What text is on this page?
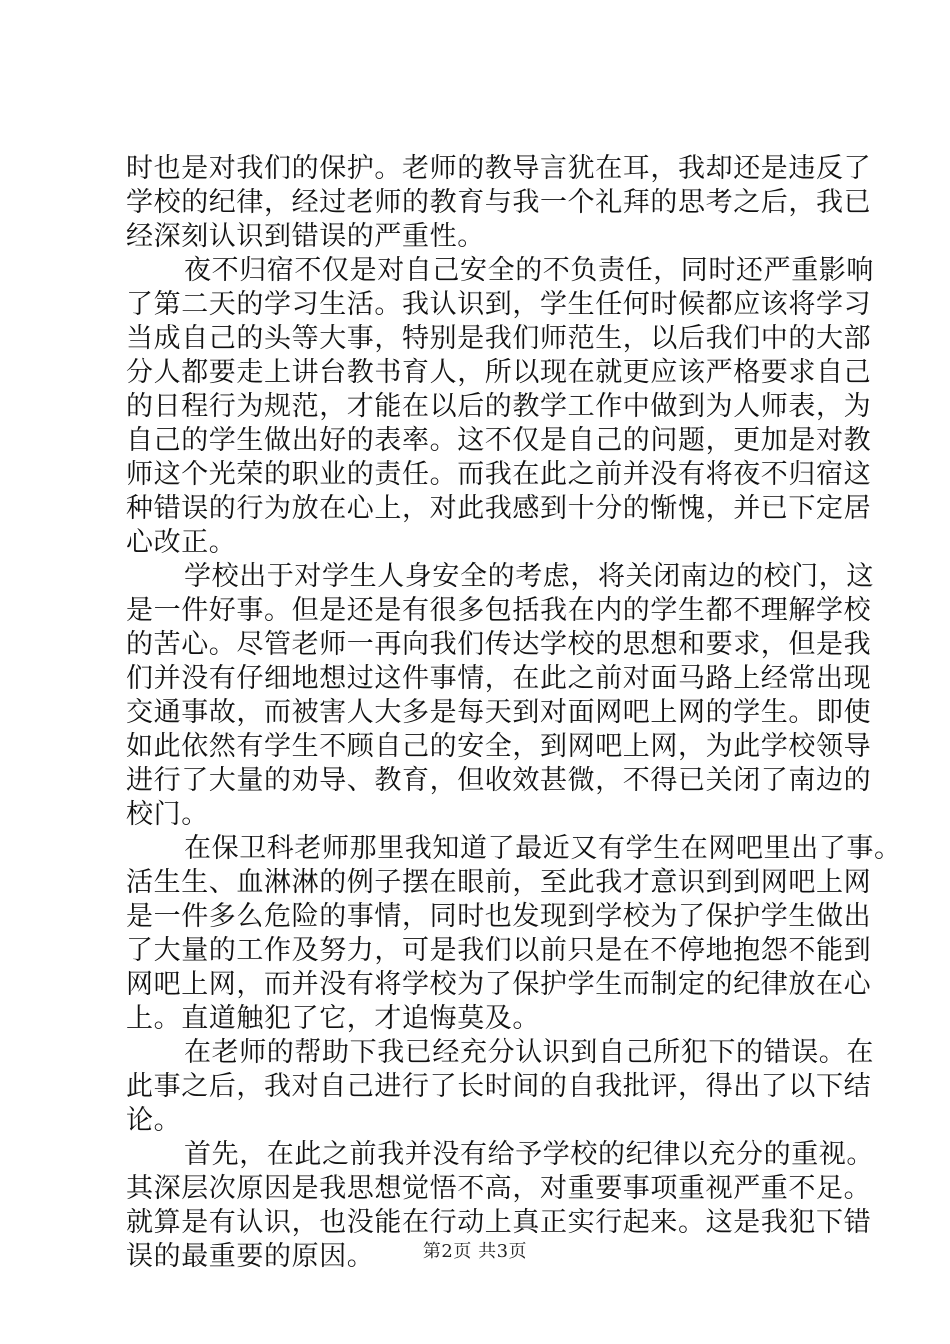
时也是对我们的保护。老师的教导言犹在耳，我却还是违反了
学校的纪律，经过老师的教育与我一个礼拜的思考之后，我已
经深刻认识到错误的严重性。
夜不归宿不仅是对自己安全的不负责任，同时还严重影响
了第二天的学习生活。我认识到，学生任何时候都应该将学习
当成自己的头等大事，特别是我们师范生，以后我们中的大部
分人都要走上讲台教书育人，所以现在就更应该严格要求自己
的日程行为规范，才能在以后的教学工作中做到为人师表，为
自己的学生做出好的表率。这不仅是自己的问题，更加是对教
师这个光荣的职业的责任。而我在此之前并没有将夜不归宿这
种错误的行为放在心上，对此我感到十分的惭愧，并已下定居
心改正。
学校出于对学生人身安全的考虑，将关闭南边的校门，这
是一件好事。但是还是有很多包括我在内的学生都不理解学校
的苦心。尽管老师一再向我们传达学校的思想和要求，但是我
们并没有仔细地想过这件事情，在此之前对面马路上经常出现
交通事故，而被害人大多是每天到对面网吧上网的学生。即使
如此依然有学生不顾自己的安全，到网吧上网，为此学校领导
进行了大量的劝导、教育，但收效甚微，不得已关闭了南边的
校门。
在保卫科老师那里我知道了最近又有学生在网吧里出了事。
活生生、血淋淋的例子摆在眼前，至此我才意识到到网吧上网
是一件多么危险的事情，同时也发现到学校为了保护学生做出
了大量的工作及努力，可是我们以前只是在不停地抱怨不能到
网吧上网，而并没有将学校为了保护学生而制定的纪律放在心
上。直道触犯了它，才追悔莫及。
在老师的帮助下我已经充分认识到自己所犯下的错误。在
此事之后，我对自己进行了长时间的自我批评，得出了以下结
论。
首先，在此之前我并没有给予学校的纪律以充分的重视。
其深层次原因是我思想觉悟不高，对重要事项重视严重不足。
就算是有认识，也没能在行动上真正实行起来。这是我犯下错
误的最重要的原因。	第2页 共3页
